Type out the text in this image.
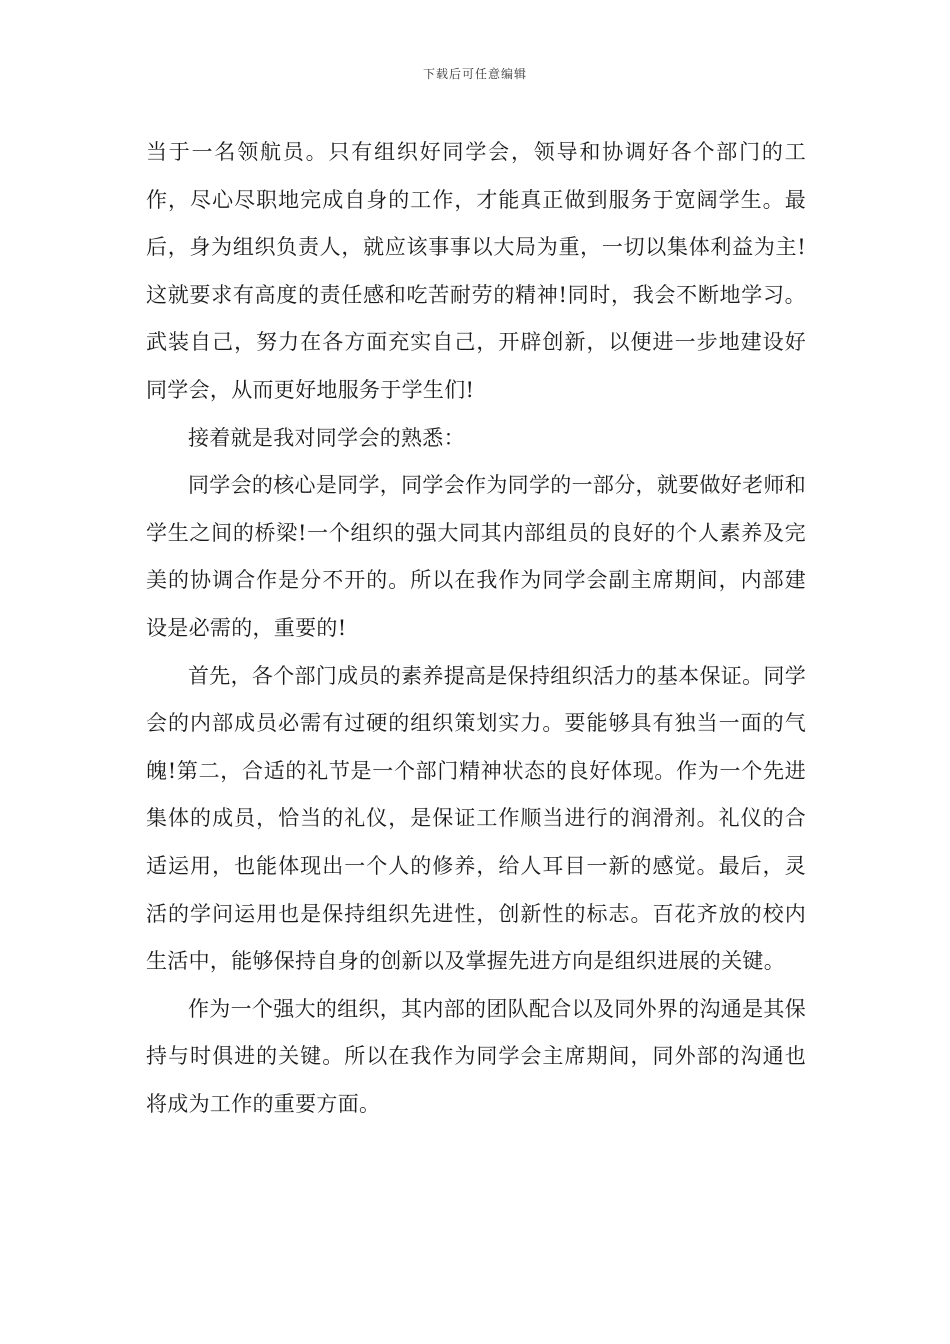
下载后可任意编辑

当于一名领航员。只有组织好同学会，领导和协调好各个部门的工作，尽心尽职地完成自身的工作，才能真正做到服务于宽阔学生。最后，身为组织负责人，就应该事事以大局为重，一切以集体利益为主!这就要求有高度的责任感和吃苦耐劳的精神!同时，我会不断地学习。武装自己，努力在各方面充实自己，开辟创新，以便进一步地建设好同学会，从而更好地服务于学生们!

接着就是我对同学会的熟悉：

同学会的核心是同学，同学会作为同学的一部分，就要做好老师和学生之间的桥梁!一个组织的强大同其内部组员的良好的个人素养及完美的协调合作是分不开的。所以在我作为同学会副主席期间，内部建设是必需的，重要的!

首先，各个部门成员的素养提高是保持组织活力的基本保证。同学会的内部成员必需有过硬的组织策划实力。要能够具有独当一面的气魄!第二，合适的礼节是一个部门精神状态的良好体现。作为一个先进集体的成员，恰当的礼仪，是保证工作顺当进行的润滑剂。礼仪的合适运用，也能体现出一个人的修养，给人耳目一新的感觉。最后，灵活的学问运用也是保持组织先进性，创新性的标志。百花齐放的校内生活中，能够保持自身的创新以及掌握先进方向是组织进展的关键。

作为一个强大的组织，其内部的团队配合以及同外界的沟通是其保持与时俱进的关键。所以在我作为同学会主席期间，同外部的沟通也将成为工作的重要方面。
